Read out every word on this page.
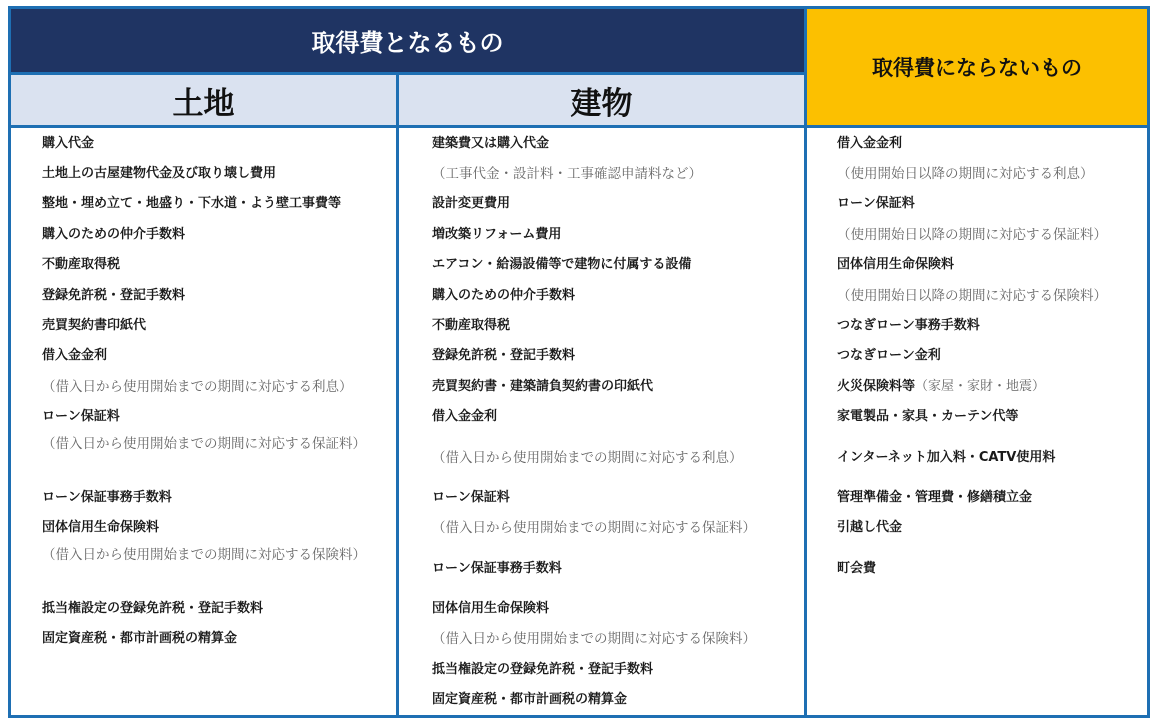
取得費となるもの
取得費にならないもの
土地	建物
購入代金
土地上の古屋建物代金及び取り壊し費用
整地・埋め立て・地盛り・下水道・よう壁工事費等
購入のための仲介手数料
不動産取得税
登録免許税・登記手数料
売買契約書印紙代
借入金金利
（借入日から使用開始までの期間に対応する利息）
ローン保証料
（借入日から使用開始までの期間に対応する保証料）
ローン保証事務手数料
団体信用生命保険料
（借入日から使用開始までの期間に対応する保険料）
抵当権設定の登録免許税・登記手数料
固定資産税・都市計画税の精算金
建築費又は購入代金
（工事代金・設計料・工事確認申請料など）
設計変更費用
増改築リフォーム費用
エアコン・給湯設備等で建物に付属する設備
購入のための仲介手数料
不動産取得税
登録免許税・登記手数料
売買契約書・建築請負契約書の印紙代
借入金金利
（借入日から使用開始までの期間に対応する利息）
ローン保証料
（借入日から使用開始までの期間に対応する保証料）
ローン保証事務手数料
団体信用生命保険料
（借入日から使用開始までの期間に対応する保険料）
抵当権設定の登録免許税・登記手数料
固定資産税・都市計画税の精算金
借入金金利
（使用開始日以降の期間に対応する利息）
ローン保証料
（使用開始日以降の期間に対応する保証料）
団体信用生命保険料
（使用開始日以降の期間に対応する保険料）
つなぎローン事務手数料
つなぎローン金利
火災保険料等（家屋・家財・地震）
家電製品・家具・カーテン代等
インターネット加入料・CATV使用料
管理準備金・管理費・修繕積立金
引越し代金
町会費
